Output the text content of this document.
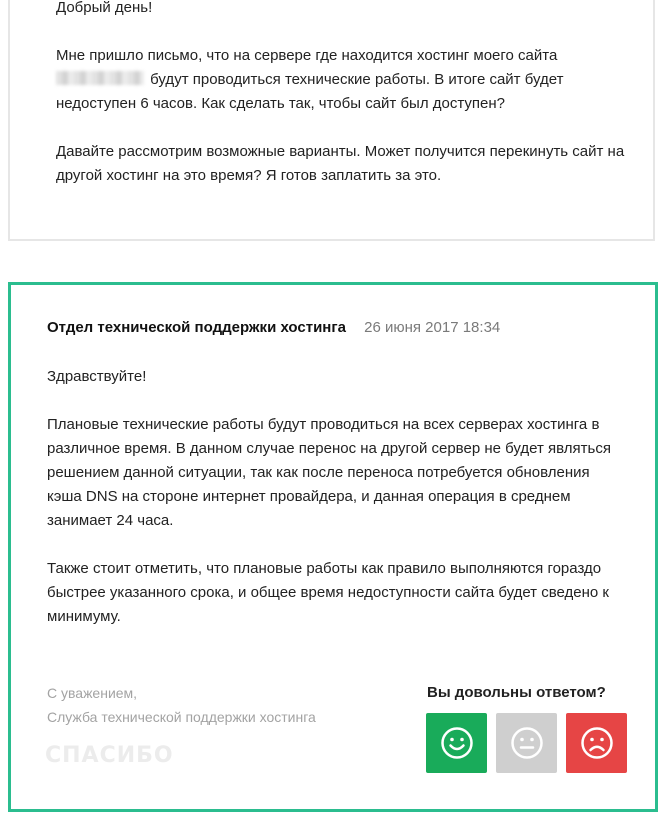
Добрый день!

Мне пришло письмо, что на сервере где находится хостинг моего сайта
будут проводиться технические работы. В итоге сайт будет недоступен 6 часов. Как сделать так, чтобы сайт был доступен?

Давайте рассмотрим возможные варианты. Может получится перекинуть сайт на другой хостинг на это время? Я готов заплатить за это.

Отдел технической поддержки хостинга 26 июня 2017 18:34

Здравствуйте!

Плановые технические работы будут проводиться на всех серверах хостинга в различное время. В данном случае перенос на другой сервер не будет являться решением данной ситуации, так как после переноса потребуется обновления кэша DNS на стороне интернет провайдера, и данная операция в среднем занимает 24 часа.

Также стоит отметить, что плановые работы как правило выполняются гораздо быстрее указанного срока, и общее время недоступности сайта будет сведено к минимуму.

С уважением,
Служба технической поддержки хостинга
СПАСИБО
Вы довольны ответом?
